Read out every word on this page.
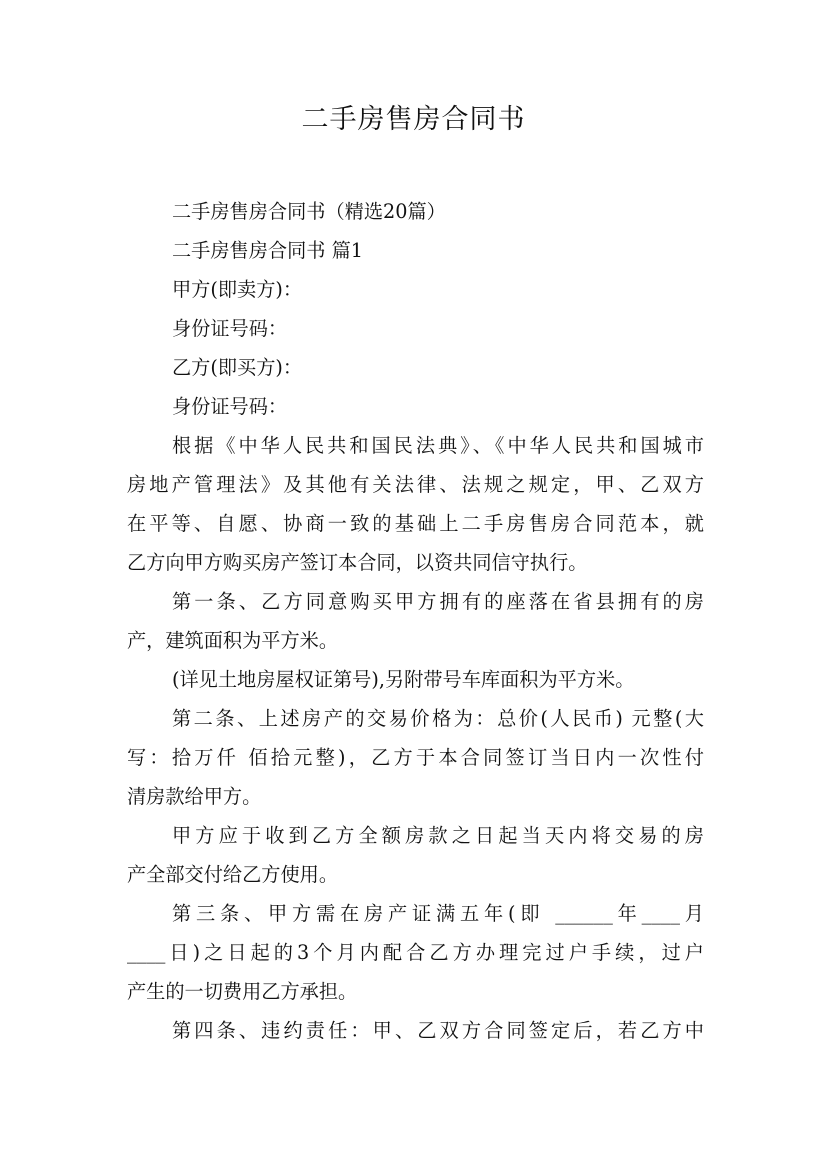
二手房售房合同书
二手房售房合同书（精选20篇）
二手房售房合同书 篇1
甲方(即卖方)：
身份证号码：
乙方(即买方)：
身份证号码：
根据《中华人民共和国民法典》、《中华人民共和国城市
房地产管理法》及其他有关法律、法规之规定，甲、乙双方
在平等、自愿、协商一致的基础上二手房售房合同范本，就
乙方向甲方购买房产签订本合同，以资共同信守执行。
第一条、乙方同意购买甲方拥有的座落在省县拥有的房
产，建筑面积为平方米。
(详见土地房屋权证第号),另附带号车库面积为平方米。
第二条、上述房产的交易价格为：总价(人民币) 元整(大
写：拾万仟 佰拾元整)，乙方于本合同签订当日内一次性付
清房款给甲方。
甲方应于收到乙方全额房款之日起当天内将交易的房
产全部交付给乙方使用。
第三条、甲方需在房产证满五年(即 ______年____月
____日)之日起的3个月内配合乙方办理完过户手续，过户
产生的一切费用乙方承担。
第四条、违约责任：甲、乙双方合同签定后，若乙方中
